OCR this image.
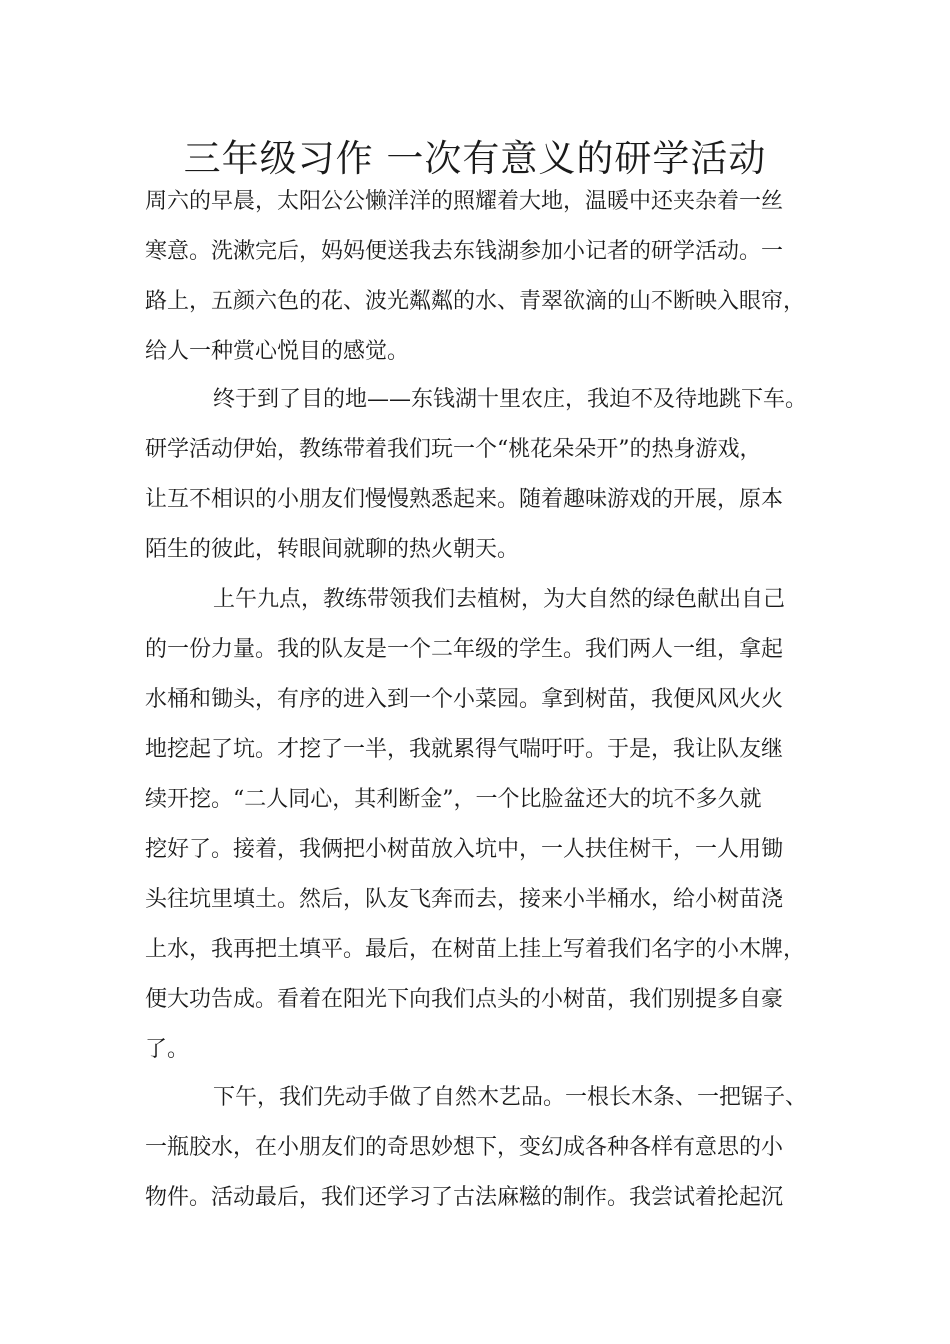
三年级习作 一次有意义的研学活动
周六的早晨，太阳公公懒洋洋的照耀着大地，温暖中还夹杂着一丝
寒意。洗漱完后，妈妈便送我去东钱湖参加小记者的研学活动。一
路上，五颜六色的花、波光粼粼的水、青翠欲滴的山不断映入眼帘，
给人一种赏心悦目的感觉。
终于到了目的地——东钱湖十里农庄，我迫不及待地跳下车。
研学活动伊始，教练带着我们玩一个“桃花朵朵开”的热身游戏，
让互不相识的小朋友们慢慢熟悉起来。随着趣味游戏的开展，原本
陌生的彼此，转眼间就聊的热火朝天。
上午九点，教练带领我们去植树，为大自然的绿色献出自己
的一份力量。我的队友是一个二年级的学生。我们两人一组，拿起
水桶和锄头，有序的进入到一个小菜园。拿到树苗，我便风风火火
地挖起了坑。才挖了一半，我就累得气喘吁吁。于是，我让队友继
续开挖。“二人同心，其利断金”，一个比脸盆还大的坑不多久就
挖好了。接着，我俩把小树苗放入坑中，一人扶住树干，一人用锄
头往坑里填土。然后，队友飞奔而去，接来小半桶水，给小树苗浇
上水，我再把土填平。最后，在树苗上挂上写着我们名字的小木牌，
便大功告成。看着在阳光下向我们点头的小树苗，我们别提多自豪
了。
下午，我们先动手做了自然木艺品。一根长木条、一把锯子、
一瓶胶水，在小朋友们的奇思妙想下，变幻成各种各样有意思的小
物件。活动最后，我们还学习了古法麻糍的制作。我尝试着抡起沉
